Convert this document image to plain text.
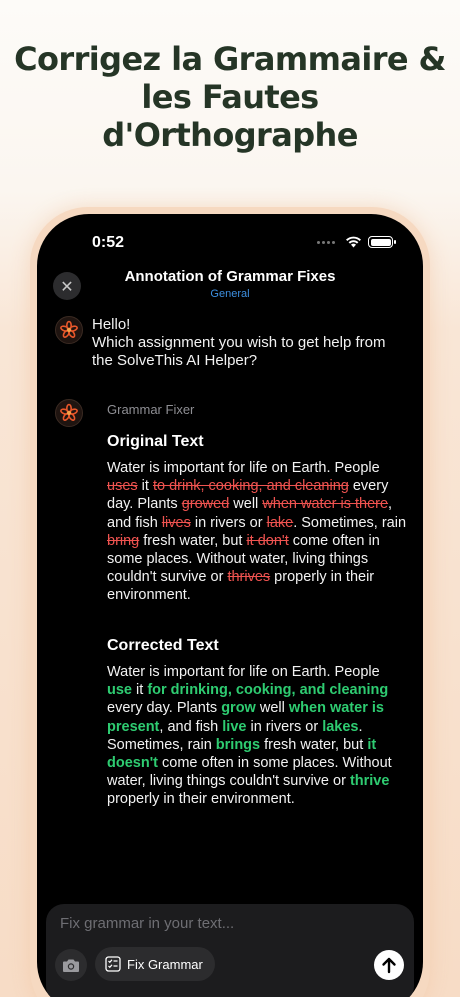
Corrigez la Grammaire &
les Fautes
d'Orthographe
0:52
✕	Annotation of Grammar Fixes
General
Hello!
Which assignment you wish to get help from the SolveThis AI Helper?
Grammar Fixer
Original Text
Water is important for life on Earth. People uses it to drink, cooking, and cleaning every day. Plants growed well when water is there, and fish lives in rivers or lake. Sometimes, rain bring fresh water, but it don't come often in some places. Without water, living things couldn't survive or thrives properly in their environment.
Corrected Text
Water is important for life on Earth. People use it for drinking, cooking, and cleaning every day. Plants grow well when water is present, and fish live in rivers or lakes. Sometimes, rain brings fresh water, but it doesn't come often in some places. Without water, living things couldn't survive or thrive properly in their environment.
Fix grammar in your text...
Fix Grammar
